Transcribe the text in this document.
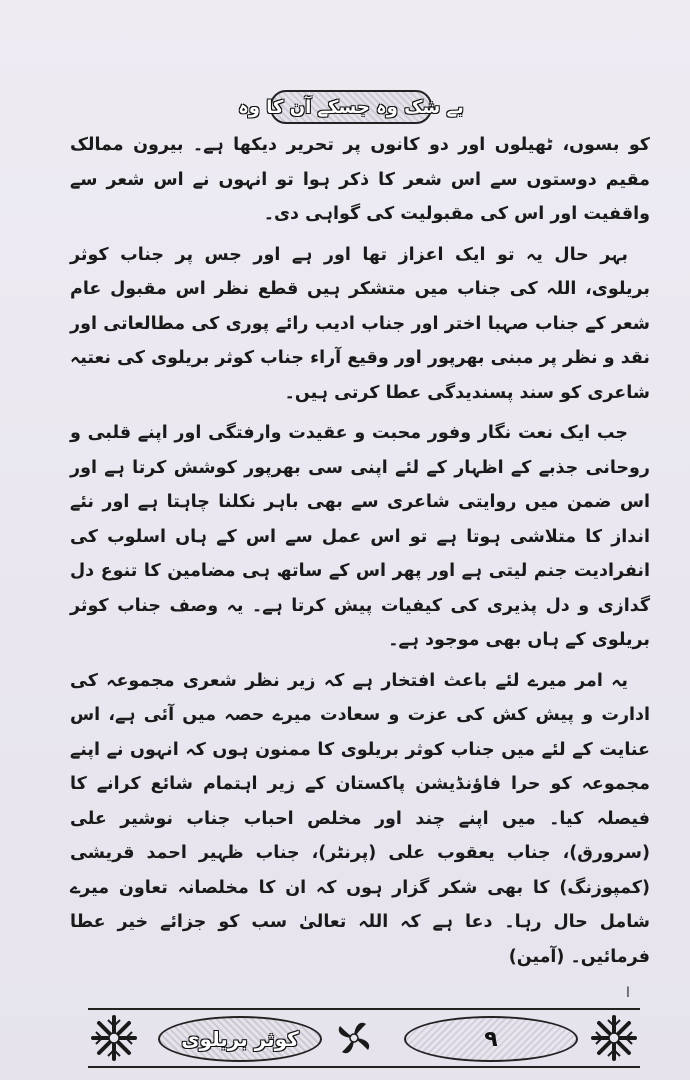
بے شک وہ جسکے آن کا وہ

کو بسوں، ٹھیلوں اور دو کانوں پر تحریر دیکھا ہے۔ بیرون ممالک مقیم دوستوں سے اس شعر کا ذکر ہوا تو انہوں نے اس شعر سے واقفیت اور اس کی مقبولیت کی گواہی دی۔

بہر حال یہ تو ایک اعزاز تھا اور ہے اور جس پر جناب کوثر بریلوی، اللہ کی جناب میں متشکر ہیں قطع نظر اس مقبول عام شعر کے جناب صہبا اختر اور جناب ادیب رائے پوری کی مطالعاتی اور نقد و نظر پر مبنی بھرپور اور وقیع آراء جناب کوثر بریلوی کی نعتیہ شاعری کو سند پسندیدگی عطا کرتی ہیں۔

جب ایک نعت نگار وفور محبت و عقیدت وارفتگی اور اپنے قلبی و روحانی جذبے کے اظہار کے لئے اپنی سی بھرپور کوشش کرتا ہے اور اس ضمن میں روایتی شاعری سے بھی باہر نکلنا چاہتا ہے اور نئے انداز کا متلاشی ہوتا ہے تو اس عمل سے اس کے ہاں اسلوب کی انفرادیت جنم لیتی ہے اور پھر اس کے ساتھ ہی مضامین کا تنوع دل گدازی و دل پذیری کی کیفیات پیش کرتا ہے۔ یہ وصف جناب کوثر بریلوی کے ہاں بھی موجود ہے۔

یہ امر میرے لئے باعث افتخار ہے کہ زیر نظر شعری مجموعہ کی ادارت و پیش کش کی عزت و سعادت میرے حصہ میں آئی ہے، اس عنایت کے لئے میں جناب کوثر بریلوی کا ممنون ہوں کہ انہوں نے اپنے مجموعہ کو حرا فاؤنڈیشن پاکستان کے زیر اہتمام شائع کرانے کا فیصلہ کیا۔ میں اپنے چند اور مخلص احباب جناب نوشیر علی (سرورق)، جناب یعقوب علی (پرنٹر)، جناب ظہیر احمد قریشی (کمپوزنگ) کا بھی شکر گزار ہوں کہ ان کا مخلصانہ تعاون میرے شامل حال رہا۔ دعا ہے کہ اللہ تعالیٰ سب کو جزائے خیر عطا فرمائیں۔ (آمین)

ا
کوثر بریلوی	۹
